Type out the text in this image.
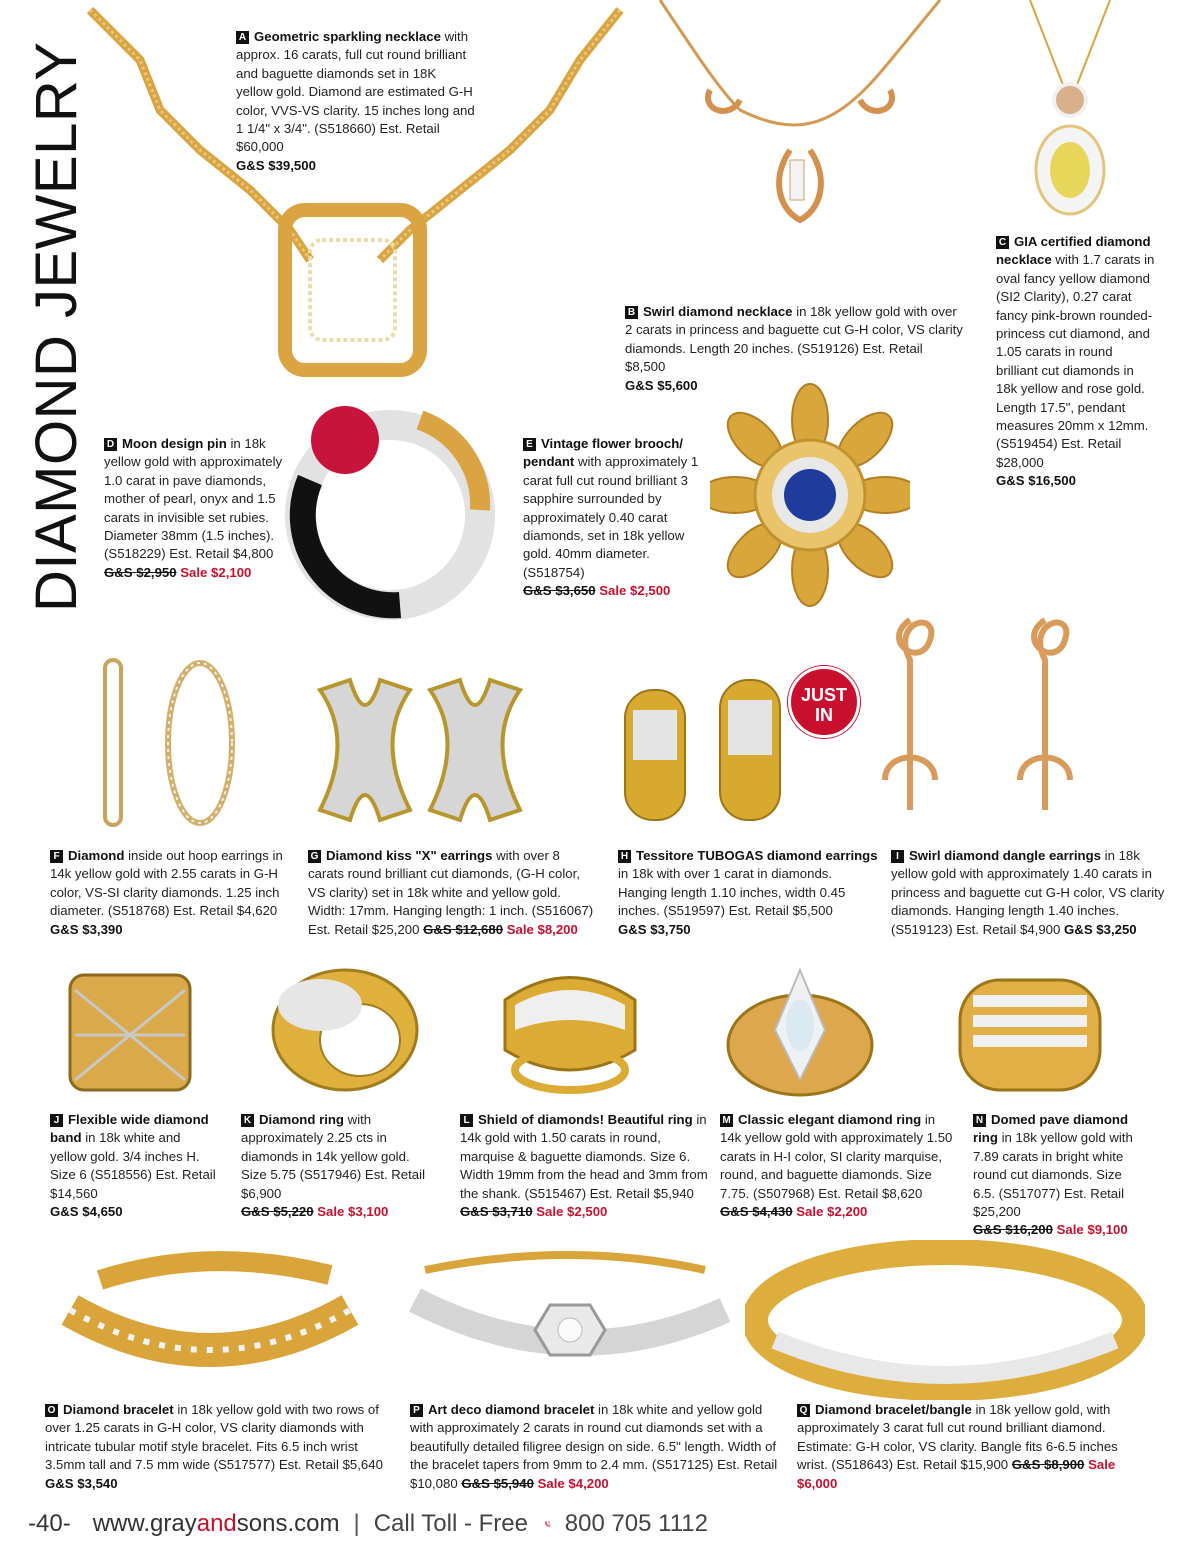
DIAMOND JEWELRY
JUST IN
A Geometric sparkling necklace with approx. 16 carats, full cut round brilliant and baguette diamonds set in 18K yellow gold. Diamond are estimated G-H color, VVS-VS clarity. 15 inches long and 1 1/4" x 3/4". (S518660) Est. Retail $60,000
G&S $39,500
B Swirl diamond necklace in 18k yellow gold with over 2 carats in princess and baguette cut G-H color, VS clarity diamonds. Length 20 inches. (S519126) Est. Retail $8,500
G&S $5,600
C GIA certified diamond necklace with 1.7 carats in oval fancy yellow diamond (SI2 Clarity), 0.27 carat fancy pink-brown rounded-princess cut diamond, and 1.05 carats in round brilliant cut diamonds in 18k yellow and rose gold. Length 17.5", pendant measures 20mm x 12mm. (S519454) Est. Retail $28,000
G&S $16,500
D Moon design pin in 18k yellow gold with approximately 1.0 carat in pave diamonds, mother of pearl, onyx and 1.5 carats in invisible set rubies. Diameter 38mm (1.5 inches). (S518229) Est. Retail $4,800
G&S $2,950 Sale $2,100
E Vintage flower brooch/ pendant with approximately 1 carat full cut round brilliant 3 sapphire surrounded by approximately 0.40 carat diamonds, set in 18k yellow gold. 40mm diameter. (S518754)
G&S $3,650 Sale $2,500
F Diamond inside out hoop earrings in 14k yellow gold with 2.55 carats in G-H color, VS-SI clarity diamonds. 1.25 inch diameter. (S518768) Est. Retail $4,620
G&S $3,390
G Diamond kiss "X" earrings with over 8 carats round brilliant cut diamonds, (G-H color, VS clarity) set in 18k white and yellow gold. Width: 17mm. Hanging length: 1 inch. (S516067) Est. Retail $25,200 G&S $12,680 Sale $8,200
H Tessitore TUBOGAS diamond earrings in 18k with over 1 carat in diamonds. Hanging length 1.10 inches, width 0.45 inches. (S519597) Est. Retail $5,500
G&S $3,750
I Swirl diamond dangle earrings in 18k yellow gold with approximately 1.40 carats in princess and baguette cut G-H color, VS clarity diamonds. Hanging length 1.40 inches. (S519123) Est. Retail $4,900 G&S $3,250
J Flexible wide diamond band in 18k white and yellow gold. 3/4 inches H. Size 6 (S518556) Est. Retail $14,560
G&S $4,650
K Diamond ring with approximately 2.25 cts in diamonds in 14k yellow gold. Size 5.75 (S517946) Est. Retail $6,900
G&S $5,220 Sale $3,100
L Shield of diamonds! Beautiful ring in 14k gold with 1.50 carats in round, marquise & baguette diamonds. Size 6. Width 19mm from the head and 3mm from the shank. (S515467) Est. Retail $5,940
G&S $3,710 Sale $2,500
M Classic elegant diamond ring in 14k yellow gold with approximately 1.50 carats in H-I color, SI clarity marquise, round, and baguette diamonds. Size 7.75. (S507968) Est. Retail $8,620
G&S $4,430 Sale $2,200
N Domed pave diamond ring in 18k yellow gold with 7.89 carats in bright white round cut diamonds. Size 6.5. (S517077) Est. Retail $25,200
G&S $16,200 Sale $9,100
O Diamond bracelet in 18k yellow gold with two rows of over 1.25 carats in G-H color, VS clarity diamonds with intricate tubular motif style bracelet. Fits 6.5 inch wrist 3.5mm tall and 7.5 mm wide (S517577) Est. Retail $5,640
G&S $3,540
P Art deco diamond bracelet in 18k white and yellow gold with approximately 2 carats in round cut diamonds set with a beautifully detailed filigree design on side. 6.5" length. Width of the bracelet tapers from 9mm to 2.4 mm. (S517125) Est. Retail $10,080 G&S $5,940 Sale $4,200
Q Diamond bracelet/bangle in 18k yellow gold, with approximately 3 carat full cut round brilliant diamond. Estimate: G-H color, VS clarity. Bangle fits 6-6.5 inches wrist. (S518643) Est. Retail $15,900 G&S $8,900 Sale $6,000
-40- www.grayandsons.com | Call Toll - Free 800 705 1112
